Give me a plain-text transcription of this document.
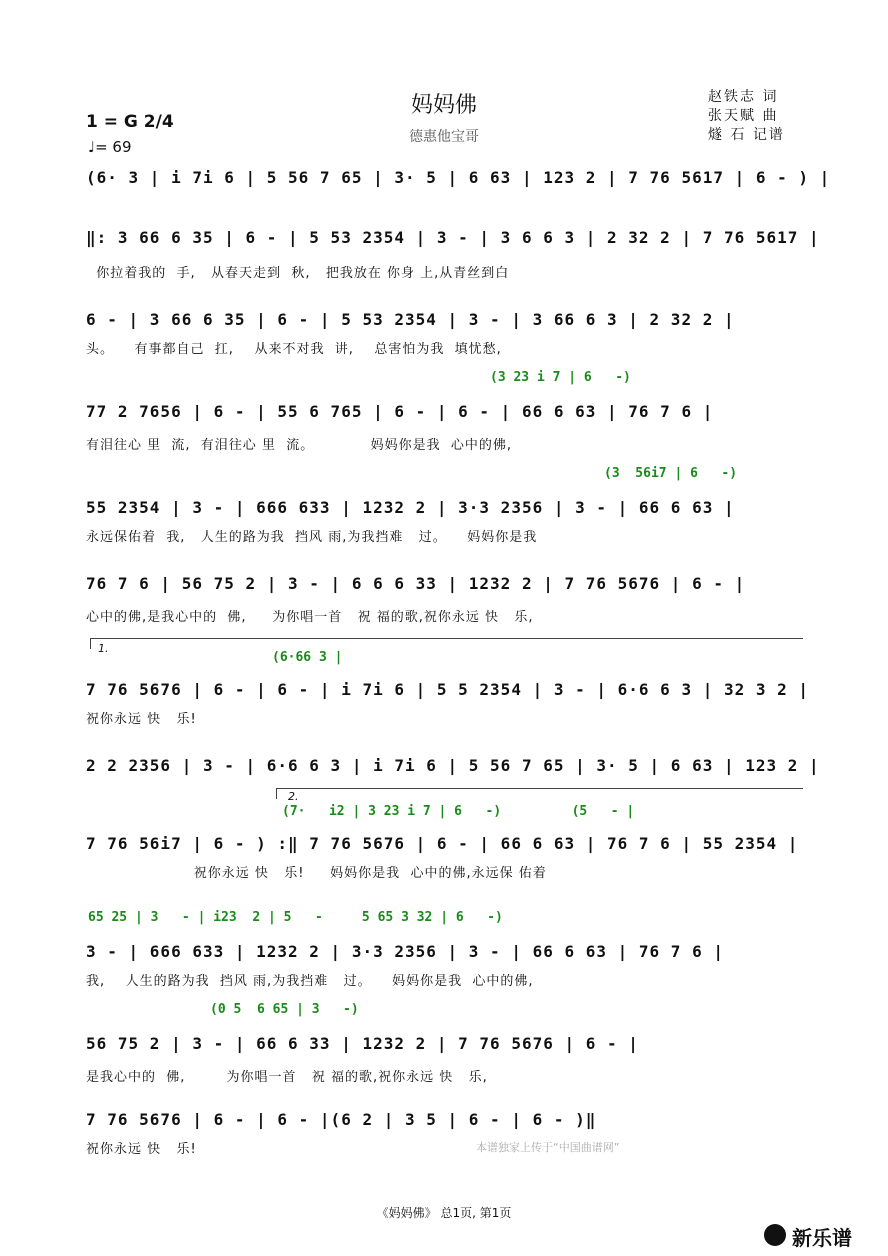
妈妈佛
德惠他宝哥
1 = G 2/4
♩= 69
赵铁志 词
张天赋 曲
燧 石 记谱
(6· 3 | i 7i 6 | 5 56 7 65 | 3· 5 | 6 63 | 123 2 | 7 76 5617 | 6 - ) |
‖: 3 66 6 35 | 6 - | 5 53 2354 | 3 - | 3 6 6 3 | 2 32 2 | 7 76 5617 |
你拉着我的  手,   从春天走到  秋,   把我放在 你身 上,从青丝到白
6 - | 3 66 6 35 | 6 - | 5 53 2354 | 3 - | 3 66 6 3 | 2 32 2 |
头。    有事都自己  扛,    从来不对我  讲,    总害怕为我  填忧愁,
(3 23 i 7 | 6   -)
77 2 7656 | 6 - | 55 6 765 | 6 - | 6 - | 66 6 63 | 76 7 6 |
有泪往心 里  流,  有泪往心 里  流。           妈妈你是我  心中的佛,
(3  56i7 | 6   -)
55 2354 | 3 - | 666 633 | 1232 2 | 3·3 2356 | 3 - | 66 6 63 |
永远保佑着  我,   人生的路为我  挡风 雨,为我挡难   过。    妈妈你是我
76 7 6 | 56 75 2 | 3 - | 6 6 6 33 | 1232 2 | 7 76 5676 | 6 - |
心中的佛,是我心中的  佛,     为你唱一首   祝 福的歌,祝你永远 快   乐,
1.
(6·66 3 |
7 76 5676 | 6 - | 6 - | i 7i 6 | 5 5 2354 | 3 - | 6·6 6 3 | 32 3 2 |
祝你永远 快   乐!
2 2 2356 | 3 - | 6·6 6 3 | i 7i 6 | 5 56 7 65 | 3· 5 | 6 63 | 123 2 |
2.
(7·   i2 | 3 23 i 7 | 6   -)         (5   - |
7 76 56i7 | 6 - ) :‖ 7 76 5676 | 6 - | 66 6 63 | 76 7 6 | 55 2354 |
祝你永远 快   乐!     妈妈你是我  心中的佛,永远保 佑着
65 25 | 3   - | i23  2 | 5   -     5 65 3 32 | 6   -)
3 - | 666 633 | 1232 2 | 3·3 2356 | 3 - | 66 6 63 | 76 7 6 |
我,    人生的路为我  挡风 雨,为我挡难   过。    妈妈你是我  心中的佛,
(0 5  6 65 | 3   -)
56 75 2 | 3 - | 66 6 33 | 1232 2 | 7 76 5676 | 6 - |
是我心中的  佛,        为你唱一首   祝 福的歌,祝你永远 快   乐,
7 76 5676 | 6 - | 6 - |(6 2 | 3 5 | 6 - | 6 - )‖
祝你永远 快   乐!	本谱独家上传于“中国曲谱网”
《妈妈佛》 总1页, 第1页
新乐谱
